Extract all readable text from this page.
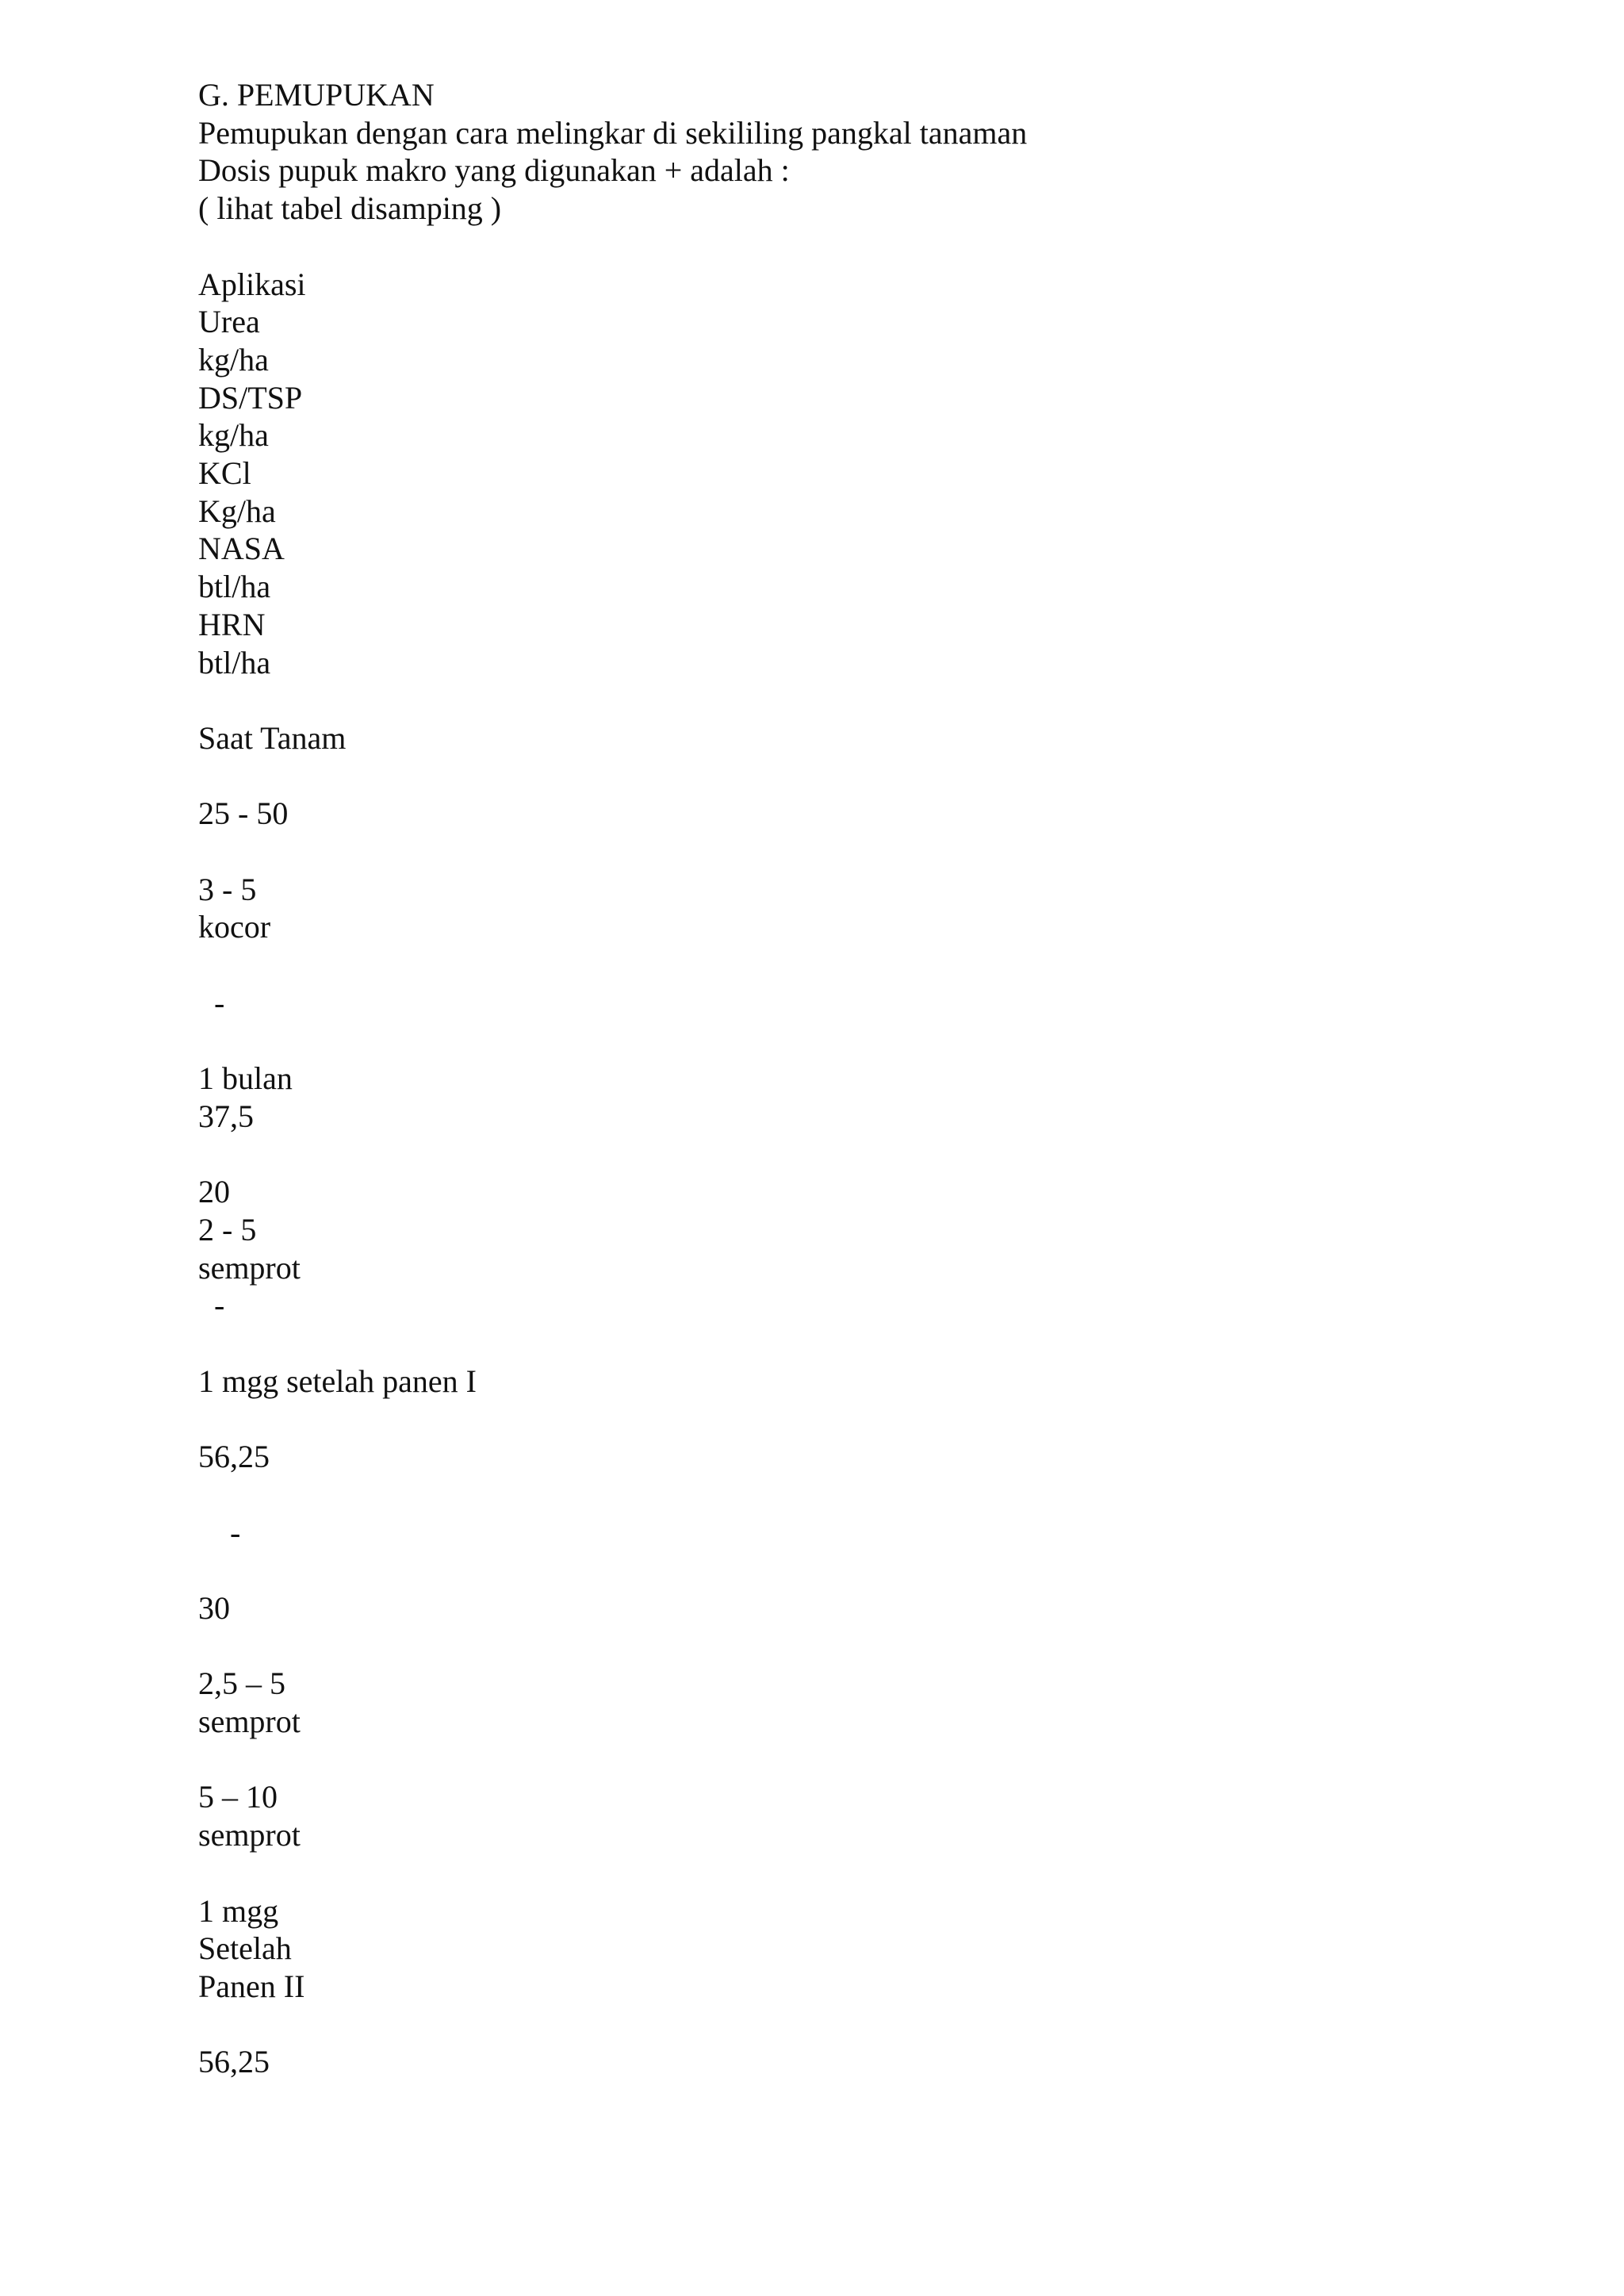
G. PEMUPUKAN
Pemupukan dengan cara melingkar di sekililing pangkal tanaman
Dosis pupuk makro yang digunakan + adalah :
( lihat tabel disamping )
Aplikasi
Urea
kg/ha
DS/TSP
kg/ha
KCl
Kg/ha
NASA
btl/ha
HRN
btl/ha
Saat Tanam
25 - 50
3 - 5
kocor
-
1 bulan
37,5
20
2 - 5
semprot
-
1 mgg setelah panen I
56,25
-
30
2,5 – 5
semprot
5 – 10
semprot
1 mgg
Setelah
Panen II
56,25
